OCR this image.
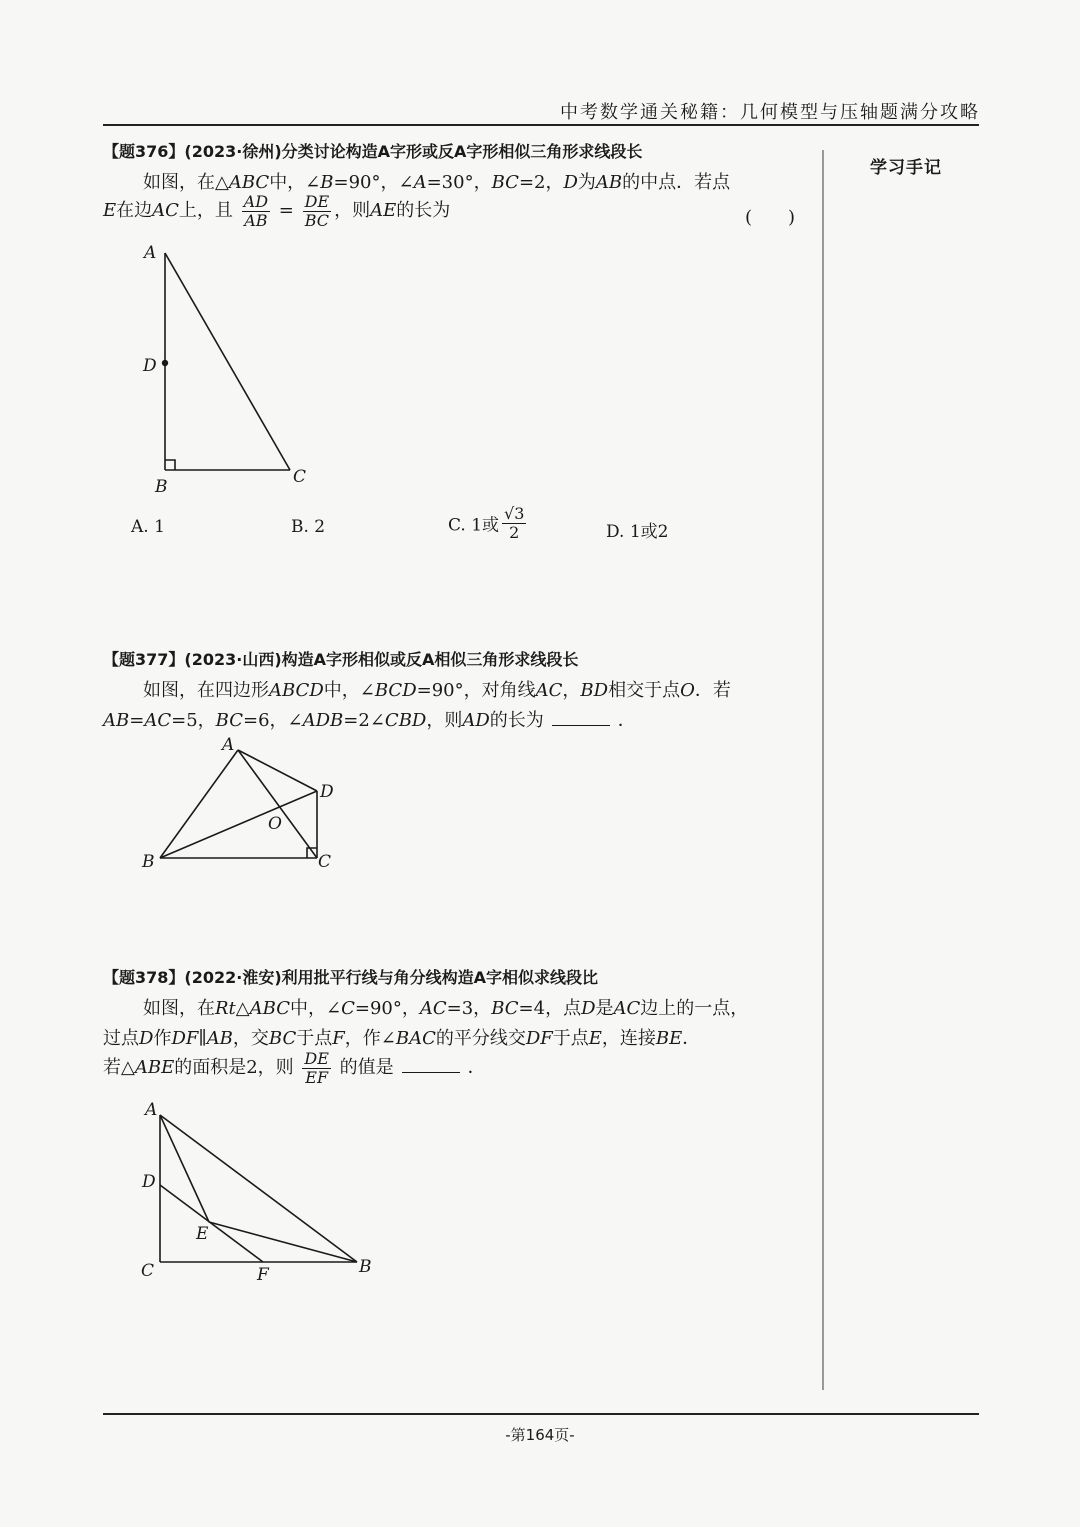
中考数学通关秘籍：几何模型与压轴题满分攻略
学习手记
【题376】(2023·徐州)分类讨论构造A字形或反A字形相似三角形求线段长
如图，在△ABC中，∠B=90°，∠A=30°，BC=2，D为AB的中点．若点
E在边AC上，且 $\frac{AD}{AB} = \frac{DE}{BC}$ ，则AE的长为	(　　)
A
D
B	C
A. 1	B. 2	C. 1或 $\frac{√3}{2}$	D. 1或2
【题377】(2023·山西)构造A字形相似或反A相似三角形求线段长
如图，在四边形ABCD中，∠BCD=90°，对角线AC，BD相交于点O．若
AB=AC=5，BC=6，∠ADB=2∠CBD，则AD的长为	．
A
D
O
B	C
【题378】(2022·淮安)利用批平行线与角分线构造A字相似求线段比
如图，在Rt△ABC中，∠C=90°，AC=3，BC=4，点D是AC边上的一点，
过点D作DF∥AB，交BC于点F，作∠BAC的平分线交DF于点E，连接BE．
若△ABE的面积是2，则 $\frac{DE}{EF}$ 的值是	．
A
D
E
C	F	B
-第164页-
